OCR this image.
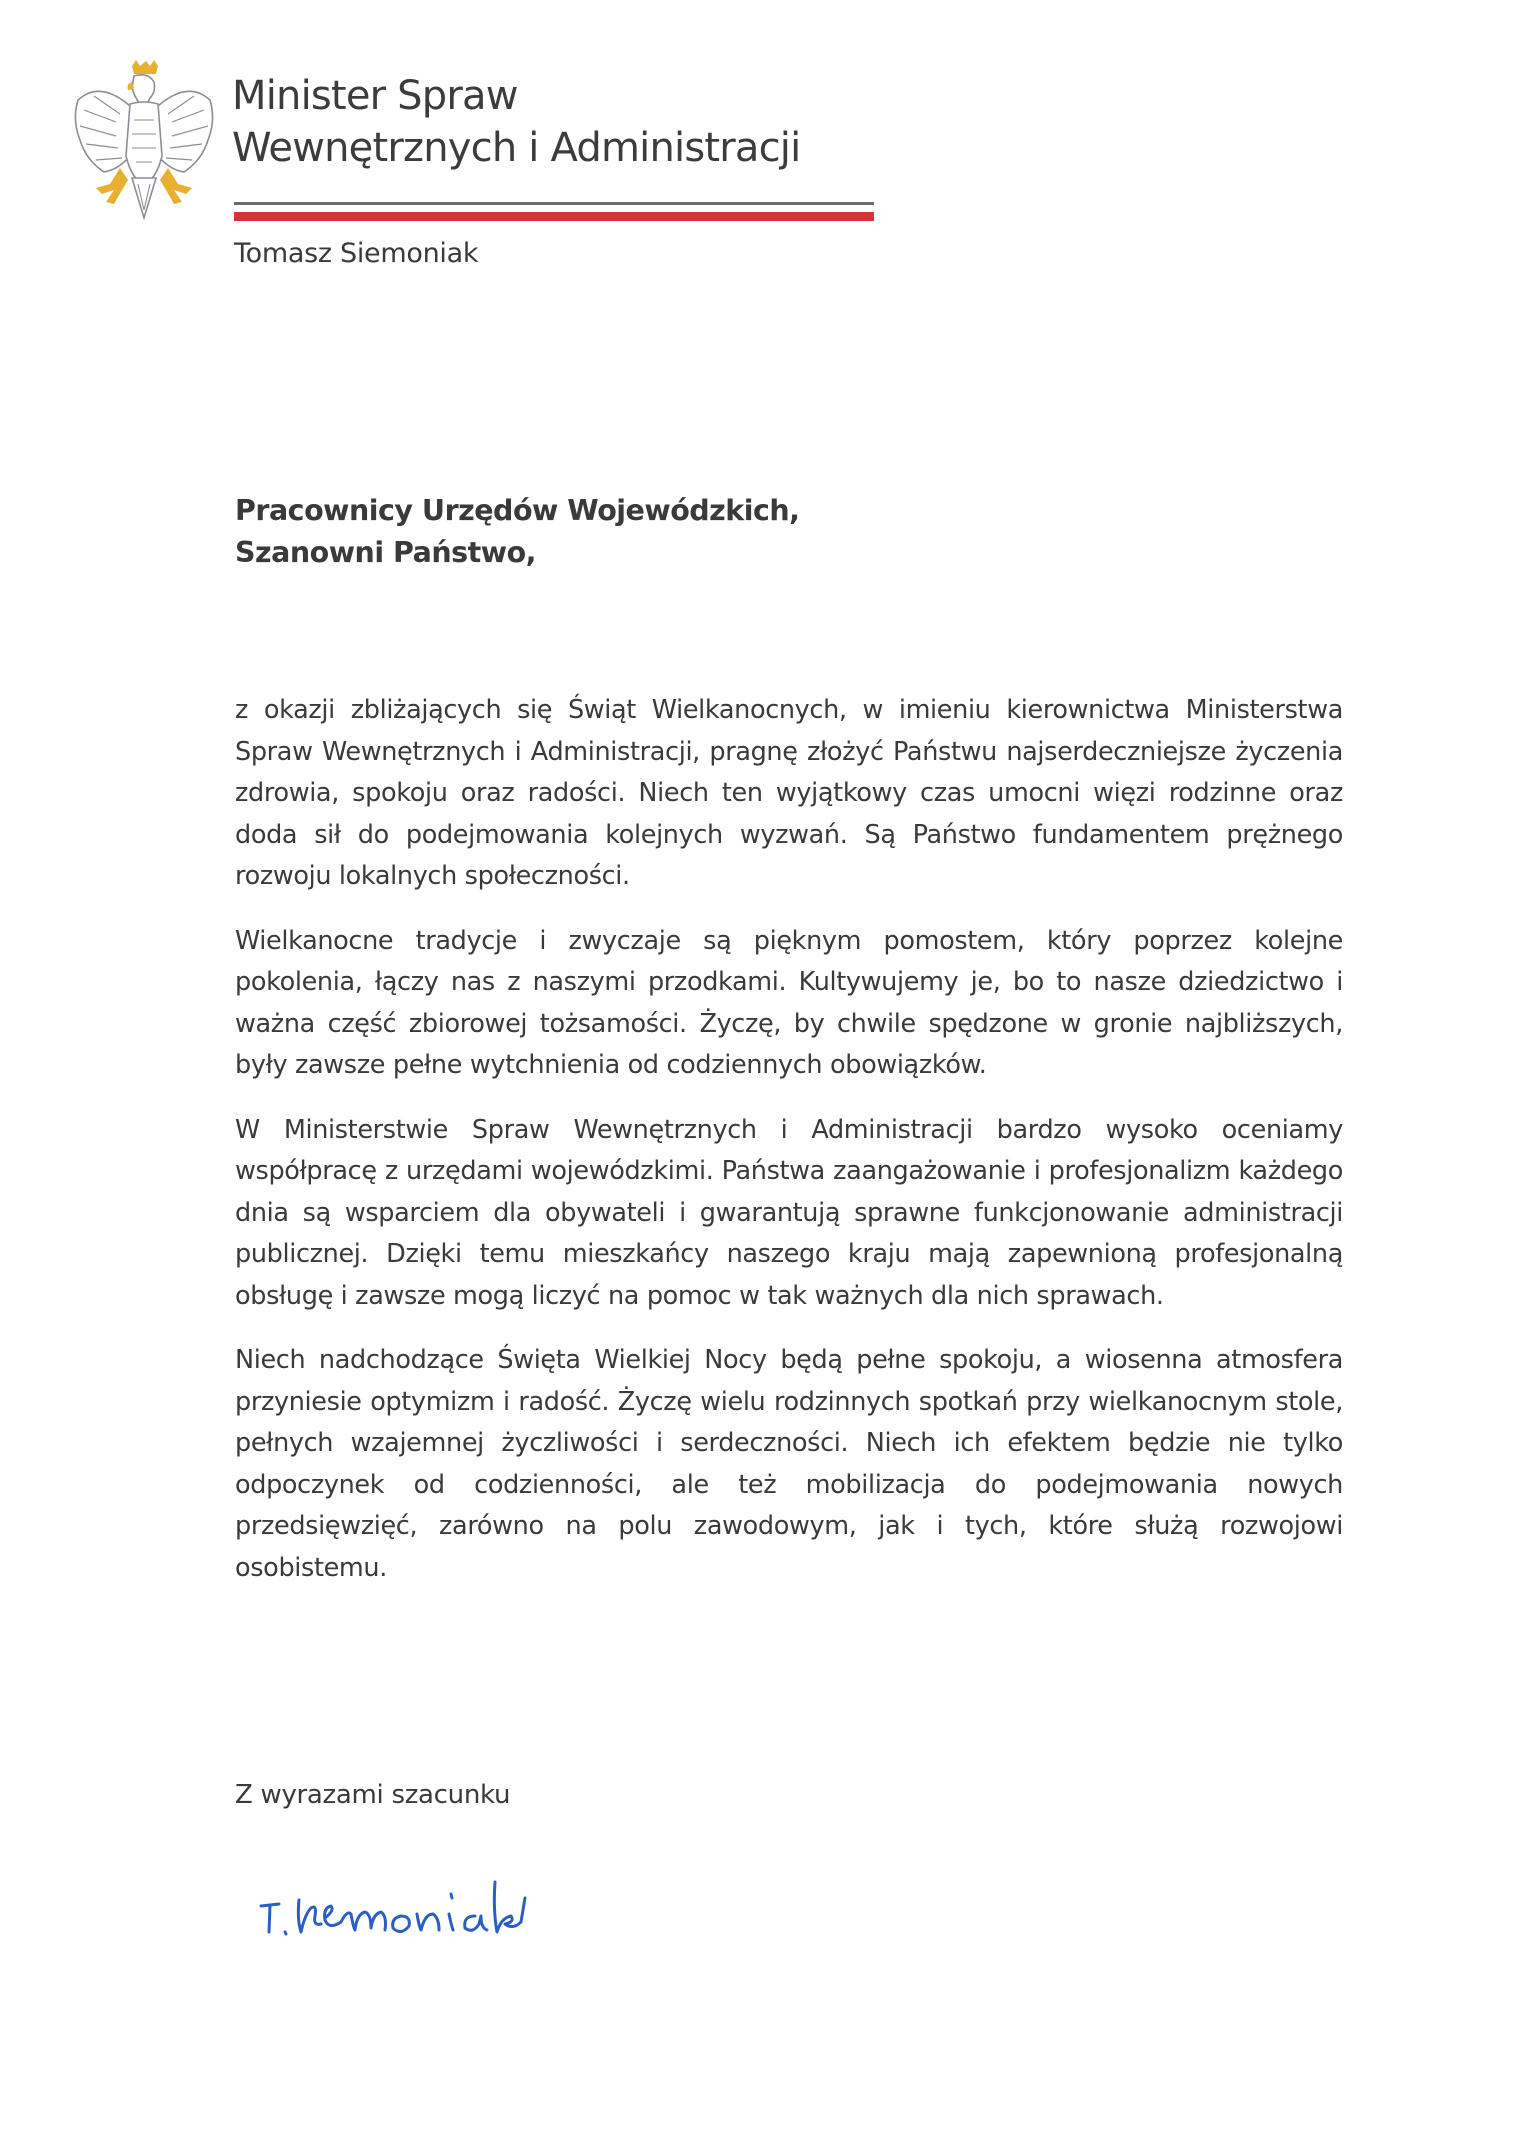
Minister Spraw
Wewnętrznych i Administracji
Tomasz Siemoniak
Pracownicy Urzędów Wojewódzkich,
Szanowni Państwo,

z okazji zbliżających się Świąt Wielkanocnych, w imieniu kierownictwa Ministerstwa Spraw Wewnętrznych i Administracji, pragnę złożyć Państwu najserdeczniejsze życzenia zdrowia, spokoju oraz radości. Niech ten wyjątkowy czas umocni więzi rodzinne oraz doda sił do podejmowania kolejnych wyzwań. Są Państwo fundamentem prężnego rozwoju lokalnych społeczności.

Wielkanocne tradycje i zwyczaje są pięknym pomostem, który poprzez kolejne pokolenia, łączy nas z naszymi przodkami. Kultywujemy je, bo to nasze dziedzictwo i ważna część zbiorowej tożsamości. Życzę, by chwile spędzone w gronie najbliższych, były zawsze pełne wytchnienia od codziennych obowiązków.

W Ministerstwie Spraw Wewnętrznych i Administracji bardzo wysoko oceniamy współpracę z urzędami wojewódzkimi. Państwa zaangażowanie i profesjonalizm każdego dnia są wsparciem dla obywateli i gwarantują sprawne funkcjonowanie administracji publicznej. Dzięki temu mieszkańcy naszego kraju mają zapewnioną profesjonalną obsługę i zawsze mogą liczyć na pomoc w tak ważnych dla nich sprawach.

Niech nadchodzące Święta Wielkiej Nocy będą pełne spokoju, a wiosenna atmosfera przyniesie optymizm i radość. Życzę wielu rodzinnych spotkań przy wielkanocnym stole, pełnych wzajemnej życzliwości i serdeczności. Niech ich efektem będzie nie tylko odpoczynek od codzienności, ale też mobilizacja do podejmowania nowych przedsięwzięć, zarówno na polu zawodowym, jak i tych, które służą rozwojowi osobistemu.

Z wyrazami szacunku
